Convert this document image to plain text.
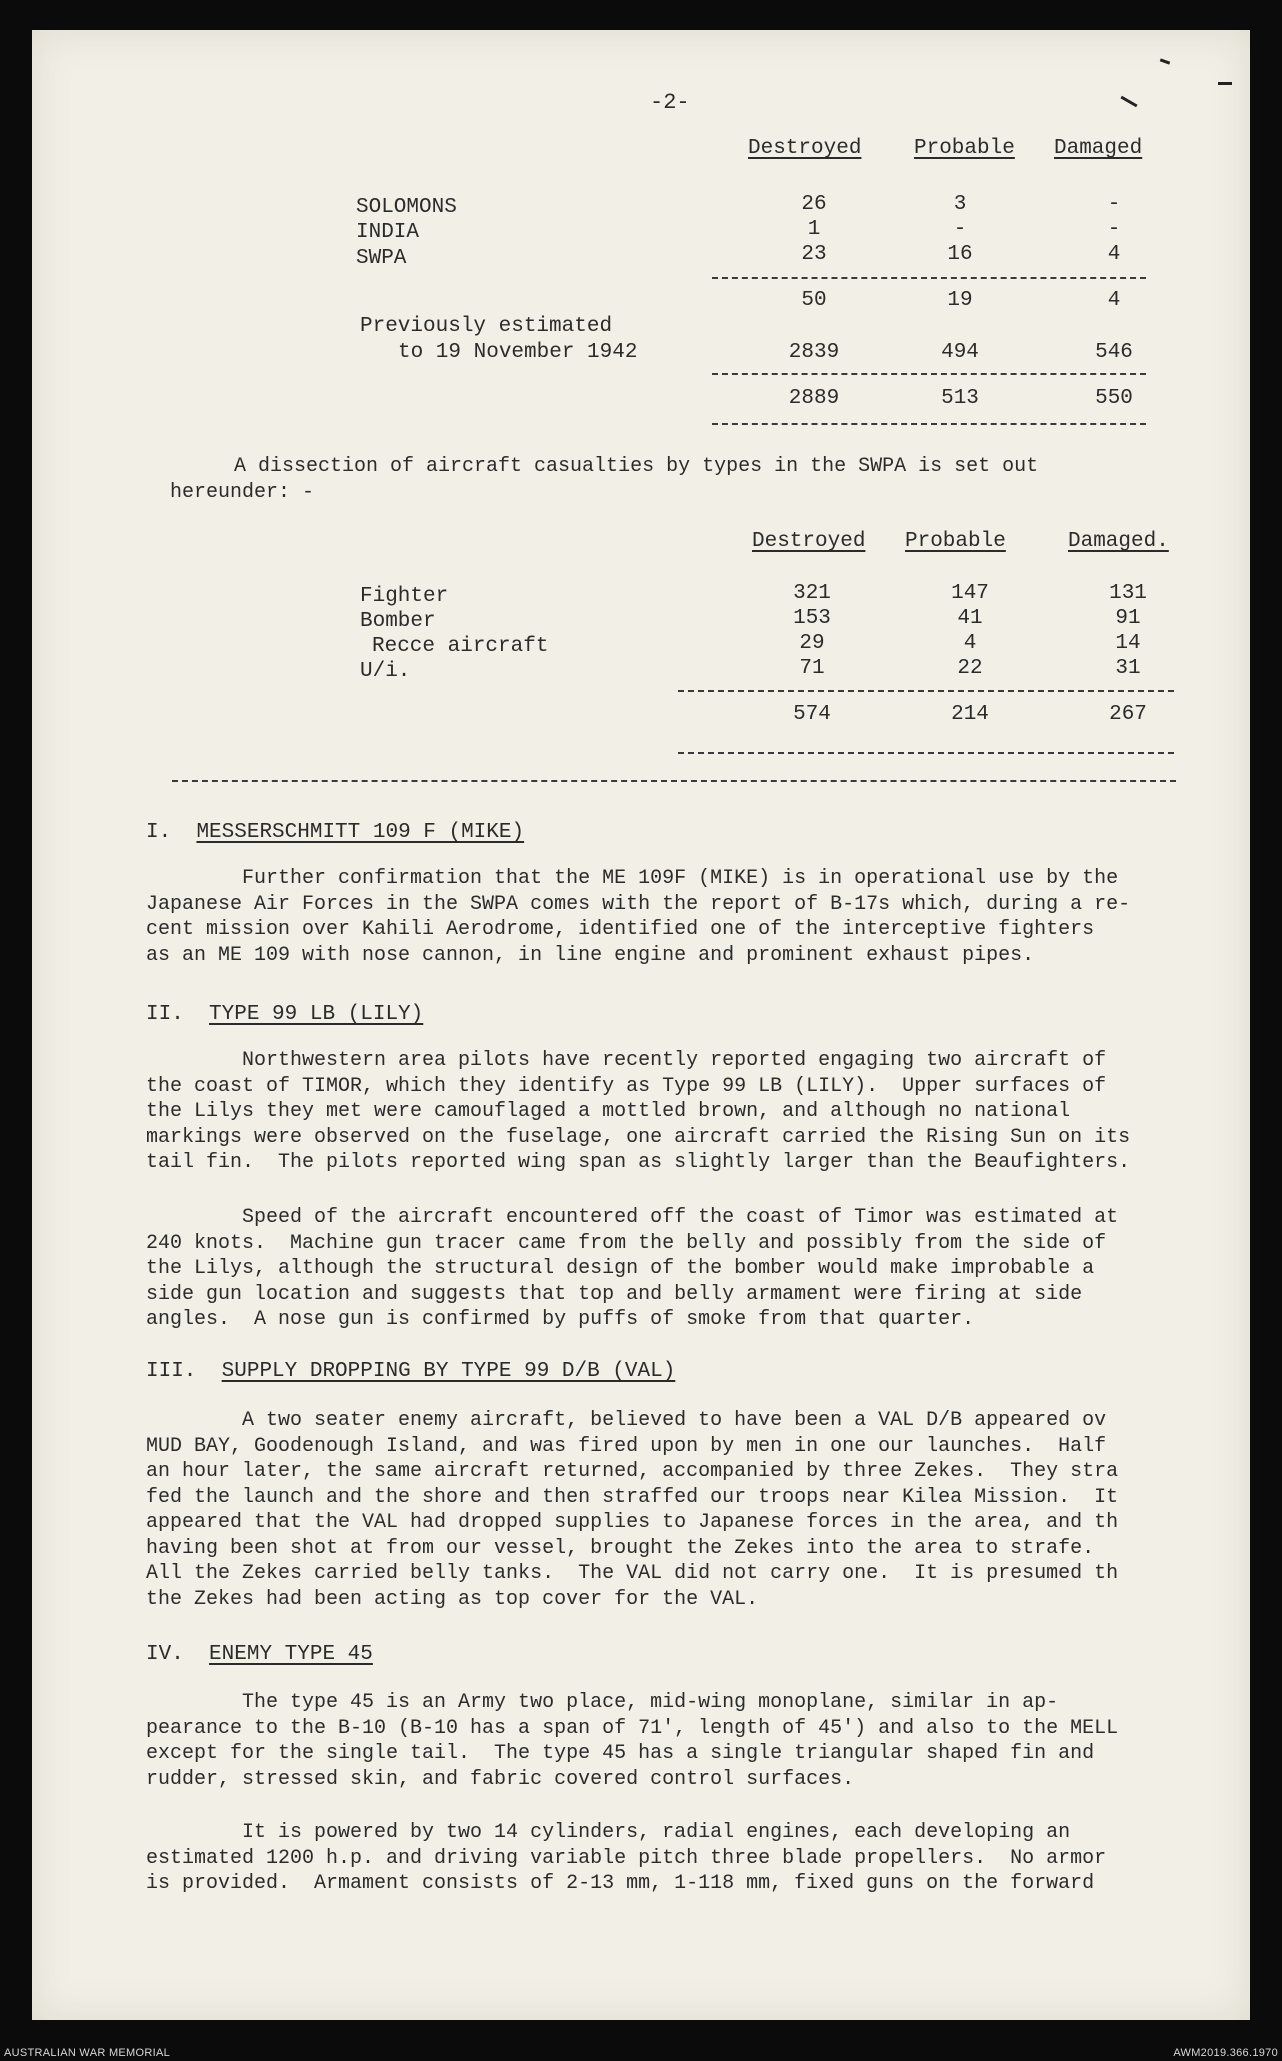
-2-
Destroyed	Probable Damaged
SOLOMONS	26	3	-
INDIA	1	-	-
SWPA	23	16	4
50	19	4
Previously estimated
to 19 November 1942	2839	494	546
2889	513	550
A dissection of aircraft casualties by types in the SWPA is set out
hereunder: -
Destroyed Probable	Damaged.
Fighter	321	147	131
Bomber	153	41	91
Recce aircraft	29	4	14
U/i.	71	22	31
574	214	267
I. MESSERSCHMITT 109 F (MIKE)
Further confirmation that the ME 109F (MIKE) is in operational use by the
Japanese Air Forces in the SWPA comes with the report of B-17s which, during a re-
cent mission over Kahili Aerodrome, identified one of the interceptive fighters
as an ME 109 with nose cannon, in line engine and prominent exhaust pipes.
II. TYPE 99 LB (LILY)
Northwestern area pilots have recently reported engaging two aircraft of
the coast of TIMOR, which they identify as Type 99 LB (LILY).  Upper surfaces of
the Lilys they met were camouflaged a mottled brown, and although no national
markings were observed on the fuselage, one aircraft carried the Rising Sun on its
tail fin.  The pilots reported wing span as slightly larger than the Beaufighters.
Speed of the aircraft encountered off the coast of Timor was estimated at
240 knots.  Machine gun tracer came from the belly and possibly from the side of
the Lilys, although the structural design of the bomber would make improbable a
side gun location and suggests that top and belly armament were firing at side
angles.  A nose gun is confirmed by puffs of smoke from that quarter.
III. SUPPLY DROPPING BY TYPE 99 D/B (VAL)
A two seater enemy aircraft, believed to have been a VAL D/B appeared ov
MUD BAY, Goodenough Island, and was fired upon by men in one our launches.  Half
an hour later, the same aircraft returned, accompanied by three Zekes.  They stra
fed the launch and the shore and then straffed our troops near Kilea Mission.  It
appeared that the VAL had dropped supplies to Japanese forces in the area, and th
having been shot at from our vessel, brought the Zekes into the area to strafe.
All the Zekes carried belly tanks.  The VAL did not carry one.  It is presumed th
the Zekes had been acting as top cover for the VAL.
IV. ENEMY TYPE 45
The type 45 is an Army two place, mid-wing monoplane, similar in ap-
pearance to the B-10 (B-10 has a span of 71', length of 45') and also to the MELL
except for the single tail.  The type 45 has a single triangular shaped fin and
rudder, stressed skin, and fabric covered control surfaces.
It is powered by two 14 cylinders, radial engines, each developing an
estimated 1200 h.p. and driving variable pitch three blade propellers.  No armor
is provided.  Armament consists of 2-13 mm, 1-118 mm, fixed guns on the forward
AUSTRALIAN WAR MEMORIAL	AWM2019.366.1970
